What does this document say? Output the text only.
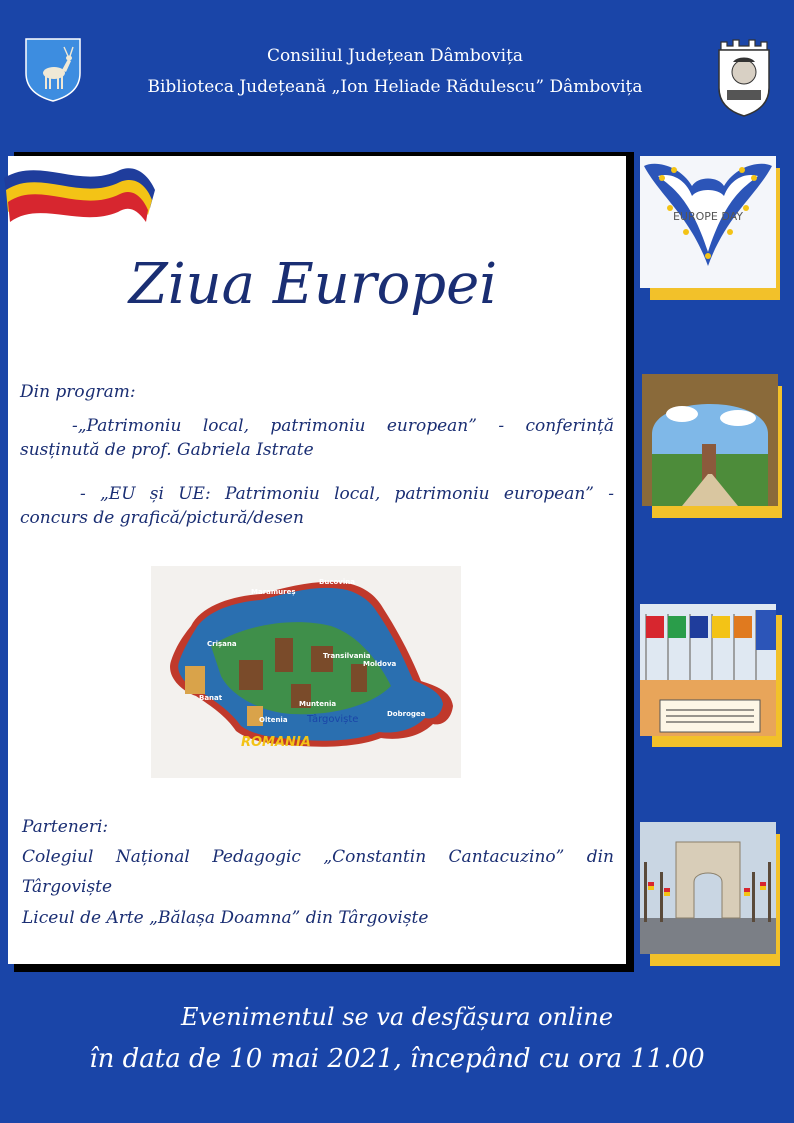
Consiliul Județean Dâmbovița
Biblioteca Județeană „Ion Heliade Rădulescu” Dâmbovița
Ziua Europei
Din program:
-„Patrimoniu local, patrimoniu european” - conferință susținută de prof. Gabriela Istrate
- „EU și UE: Patrimoniu local, patrimoniu european” - concurs de grafică/pictură/desen
Maramureș
Bucovina
Crișana
Transilvania
Moldova
Banat
Oltenia
Muntenia
Dobrogea
Târgoviște
ROMANIA
Parteneri:
Colegiul Național Pedagogic „Constantin Cantacuzino” din Târgoviște
Liceul de Arte „Bălașa Doamna” din Târgoviște
EUROPE DAY
Evenimentul se va desfășura online
în data de 10 mai 2021, începând cu ora 11.00
